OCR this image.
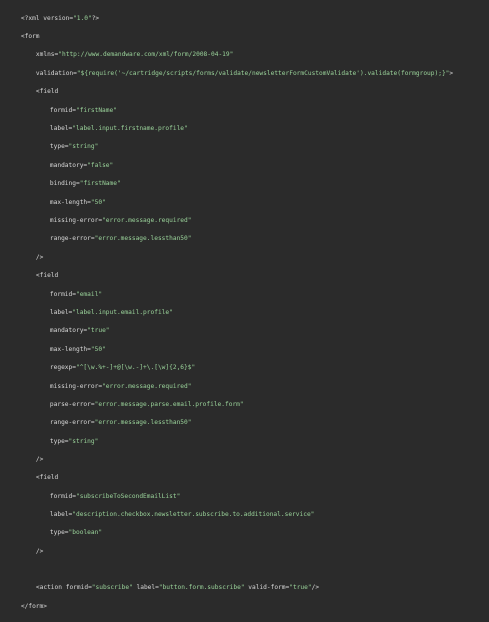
<?xml version="1.0"?>

<form

xmlns="http://www.demandware.com/xml/form/2008-04-19"

validation="${require('~/cartridge/scripts/forms/validate/newsletterFormCustomValidate').validate(formgroup);}">

<field

formid="firstName"

label="label.input.firstname.profile"

type="string"

mandatory="false"

binding="firstName"

max-length="50"

missing-error="error.message.required"

range-error="error.message.lessthan50"

/>

<field

formid="email"

label="label.input.email.profile"

mandatory="true"

max-length="50"

regexp="^[\w.%+-]+@[\w.-]+\.[\w]{2,6}$"

missing-error="error.message.required"

parse-error="error.message.parse.email.profile.form"

range-error="error.message.lessthan50"

type="string"

/>

<field

formid="subscribeToSecondEmailList"

label="description.checkbox.newsletter.subscribe.to.additional.service"

type="boolean"

/>

<action formid="subscribe" label="button.form.subscribe" valid-form="true"/>

</form>
